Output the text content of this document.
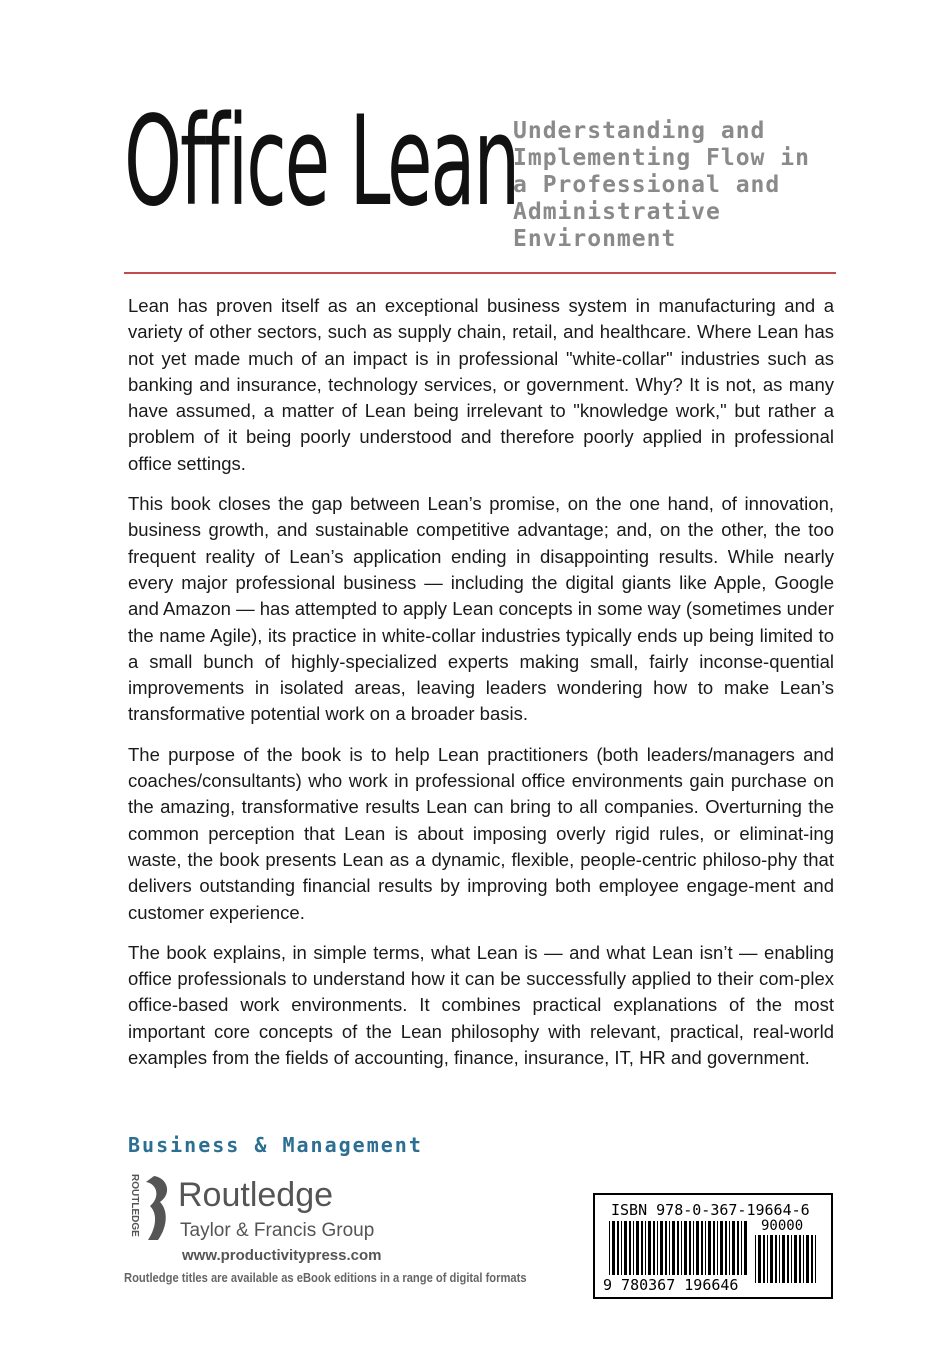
Office Lean
Understanding and
Implementing Flow in
a Professional and
Administrative
Environment

Lean has proven itself as an exceptional business system in manufacturing and a variety of other sectors, such as supply chain, retail, and healthcare. Where Lean has not yet made much of an impact is in professional "white-collar" industries such as banking and insurance, technology services, or government. Why? It is not, as many have assumed, a matter of Lean being irrelevant to "knowledge work," but rather a problem of it being poorly understood and therefore poorly applied in professional office settings.

This book closes the gap between Lean’s promise, on the one hand, of innovation, business growth, and sustainable competitive advantage; and, on the other, the too frequent reality of Lean’s application ending in disappointing results. While nearly every major professional business — including the digital giants like Apple, Google and Amazon — has attempted to apply Lean concepts in some way (sometimes under the name Agile), its practice in white-collar industries typically ends up being limited to a small bunch of highly-specialized experts making small, fairly inconse-quential improvements in isolated areas, leaving leaders wondering how to make Lean’s transformative potential work on a broader basis.

The purpose of the book is to help Lean practitioners (both leaders/managers and coaches/consultants) who work in professional office environments gain purchase on the amazing, transformative results Lean can bring to all companies. Overturning the common perception that Lean is about imposing overly rigid rules, or eliminat-ing waste, the book presents Lean as a dynamic, flexible, people-centric philoso-phy that delivers outstanding financial results by improving both employee engage-ment and customer experience.

The book explains, in simple terms, what Lean is — and what Lean isn’t — enabling office professionals to understand how it can be successfully applied to their com-plex office-based work environments. It combines practical explanations of the most important core concepts of the Lean philosophy with relevant, practical, real-world examples from the fields of accounting, finance, insurance, IT, HR and government.

Business & Management
ROUTLEDGE Routledge
Taylor & Francis Group
www.productivitypress.com
Routledge titles are available as eBook editions in a range of digital formats
ISBN 978-0-367-19664-6
90000
9 780367 196646
